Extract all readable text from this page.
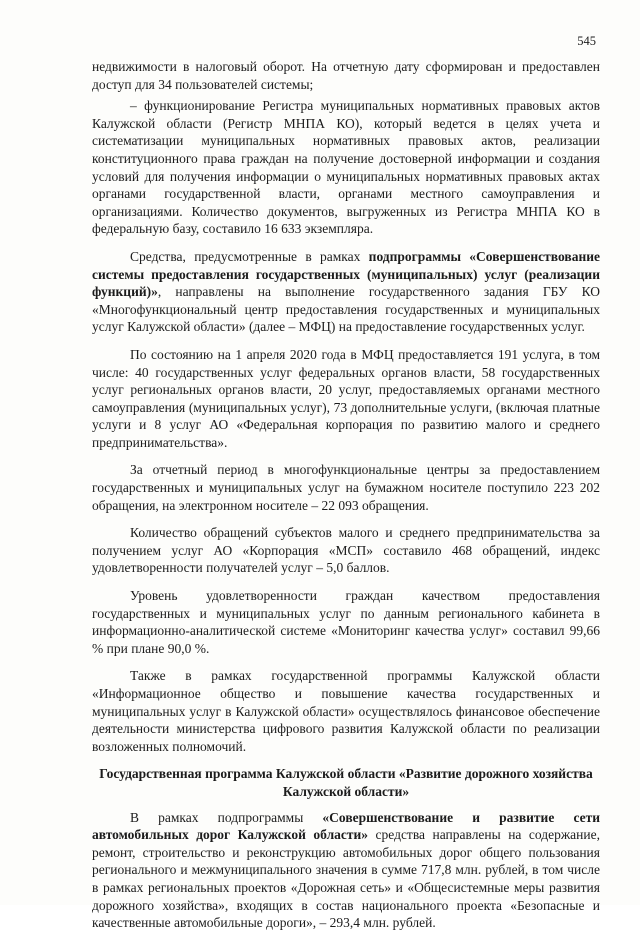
545

недвижимости в налоговый оборот. На отчетную дату сформирован и предоставлен доступ для 34 пользователей системы;

– функционирование Регистра муниципальных нормативных правовых актов Калужской области (Регистр МНПА КО), который ведется в целях учета и систематизации муниципальных нормативных правовых актов, реализации конституционного права граждан на получение достоверной информации и создания условий для получения информации о муниципальных нормативных правовых актах органами государственной власти, органами местного самоуправления и организациями. Количество документов, выгруженных из Регистра МНПА КО в федеральную базу, составило 16 633 экземпляра.

Средства, предусмотренные в рамках подпрограммы «Совершенствование системы предоставления государственных (муниципальных) услуг (реализации функций)», направлены на выполнение государственного задания ГБУ КО «Многофункциональный центр предоставления государственных и муниципальных услуг Калужской области» (далее – МФЦ) на предоставление государственных услуг.

По состоянию на 1 апреля 2020 года в МФЦ предоставляется 191 услуга, в том числе: 40 государственных услуг федеральных органов власти, 58 государственных услуг региональных органов власти, 20 услуг, предоставляемых органами местного самоуправления (муниципальных услуг), 73 дополнительные услуги, (включая платные услуги и 8 услуг АО «Федеральная корпорация по развитию малого и среднего предпринимательства».

За отчетный период в многофункциональные центры за предоставлением государственных и муниципальных услуг на бумажном носителе поступило 223 202 обращения, на электронном носителе – 22 093 обращения.

Количество обращений субъектов малого и среднего предпринимательства за получением услуг АО «Корпорация «МСП» составило 468 обращений, индекс удовлетворенности получателей услуг – 5,0 баллов.

Уровень удовлетворенности граждан качеством предоставления государственных и муниципальных услуг по данным регионального кабинета в информационно-аналитической системе «Мониторинг качества услуг» составил 99,66 % при плане 90,0 %.

Также в рамках государственной программы Калужской области «Информационное общество и повышение качества государственных и муниципальных услуг в Калужской области» осуществлялось финансовое обеспечение деятельности министерства цифрового развития Калужской области по реализации возложенных полномочий.

Государственная программа Калужской области «Развитие дорожного хозяйства Калужской области»

В рамках подпрограммы «Совершенствование и развитие сети автомобильных дорог Калужской области» средства направлены на содержание, ремонт, строительство и реконструкцию автомобильных дорог общего пользования регионального и межмуниципального значения в сумме 717,8 млн. рублей, в том числе в рамках региональных проектов «Дорожная сеть» и «Общесистемные меры развития дорожного хозяйства», входящих в состав национального проекта «Безопасные и качественные автомобильные дороги», – 293,4 млн. рублей.
